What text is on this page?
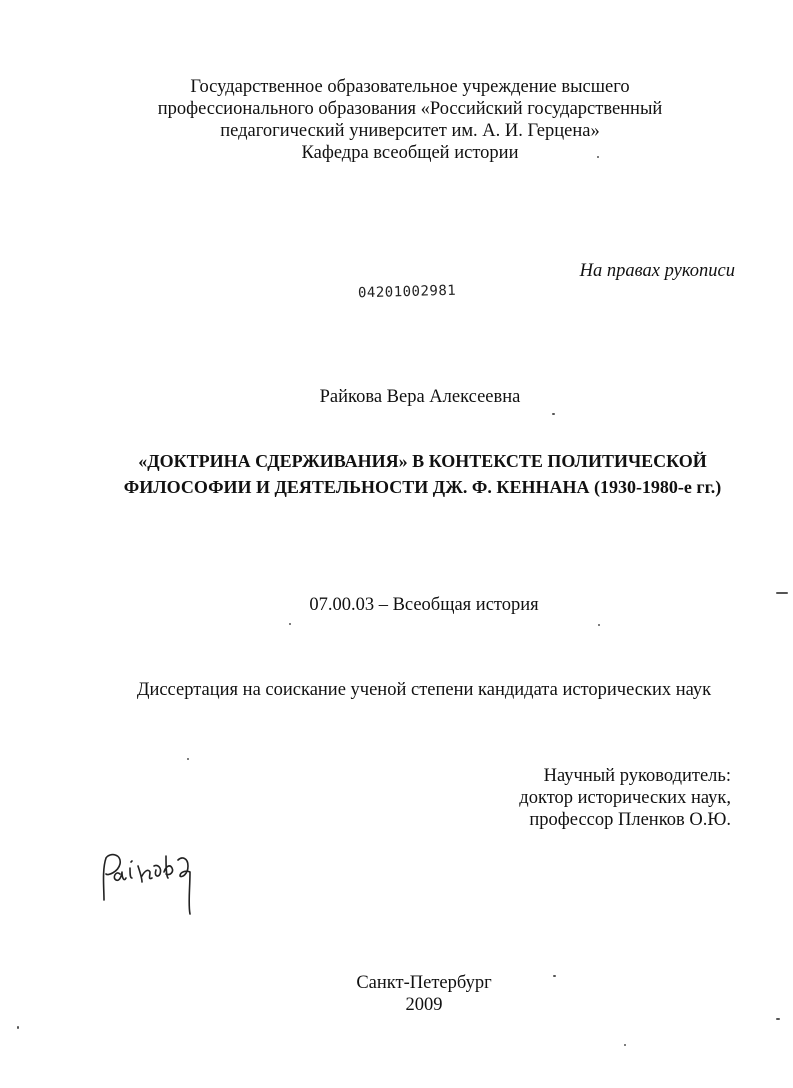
Государственное образовательное учреждение высшего
профессионального образования «Российский государственный
педагогический университет им. А. И. Герцена»
Кафедра всеобщей истории
На правах рукописи
04201002981
Райкова Вера Алексеевна
«ДОКТРИНА СДЕРЖИВАНИЯ» В КОНТЕКСТЕ ПОЛИТИЧЕСКОЙ
ФИЛОСОФИИ И ДЕЯТЕЛЬНОСТИ ДЖ. Ф. КЕННАНА (1930-1980-е гг.)
07.00.03 – Всеобщая история
Диссертация на соискание ученой степени кандидата исторических наук
Научный руководитель:
доктор исторических наук,
профессор Пленков О.Ю.
Санкт-Петербург
2009
